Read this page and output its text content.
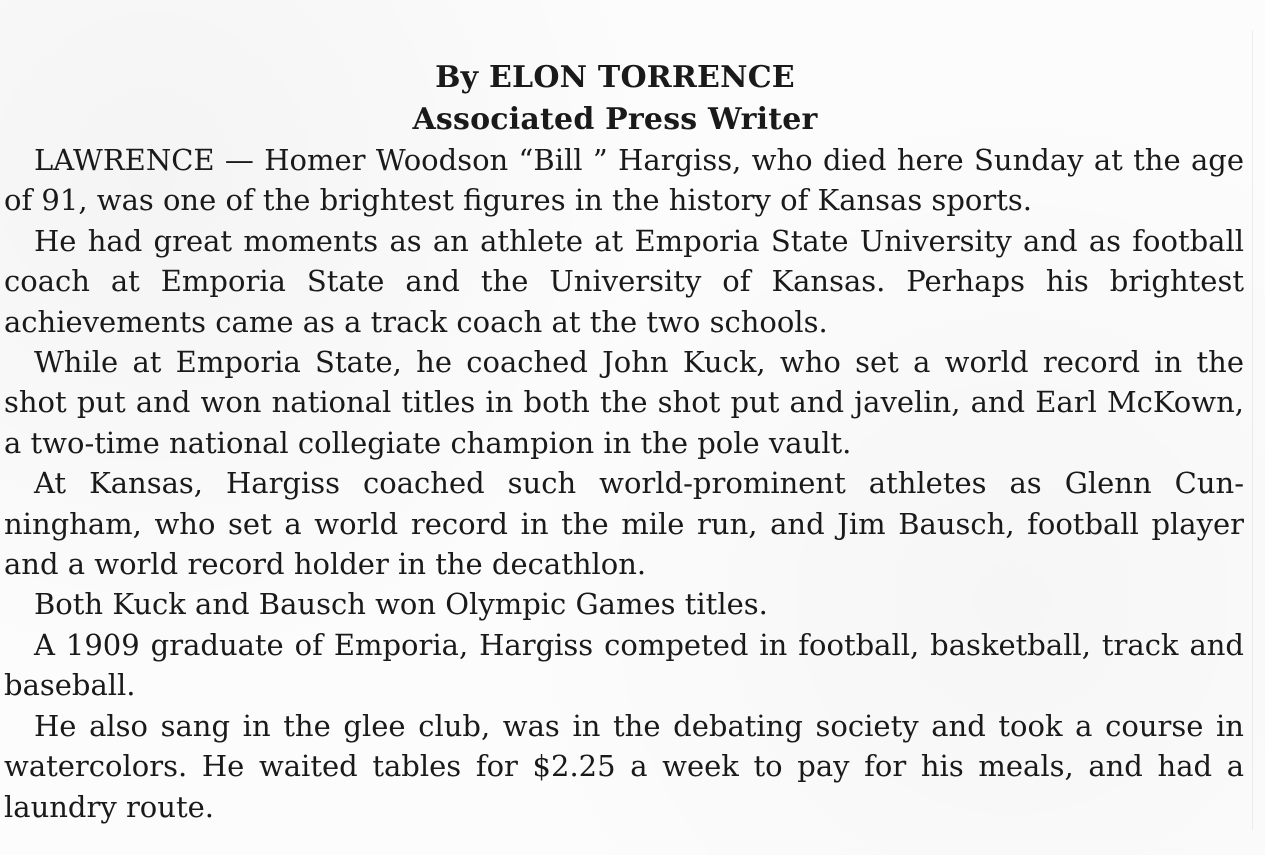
By ELON TORRENCE
Associated Press Writer

LAWRENCE — Homer Woodson “Bill ” Hargiss, who died here Sunday at the age of 91, was one of the brightest figures in the history of Kansas sports.

He had great moments as an athlete at Emporia State University and as football coach at Emporia State and the University of Kansas. Perhaps his brightest achievements came as a track coach at the two schools.

While at Emporia State, he coached John Kuck, who set a world record in the shot put and won national titles in both the shot put and javelin, and Earl McKown, a two-time national collegiate champion in the pole vault.

At Kansas, Hargiss coached such world-prominent athletes as Glenn Cun-ningham, who set a world record in the mile run, and Jim Bausch, football player and a world record holder in the decathlon.

Both Kuck and Bausch won Olympic Games titles.

A 1909 graduate of Emporia, Hargiss competed in football, basketball, track and baseball.

He also sang in the glee club, was in the debating society and took a course in watercolors. He waited tables for $2.25 a week to pay for his meals, and had a laundry route.
